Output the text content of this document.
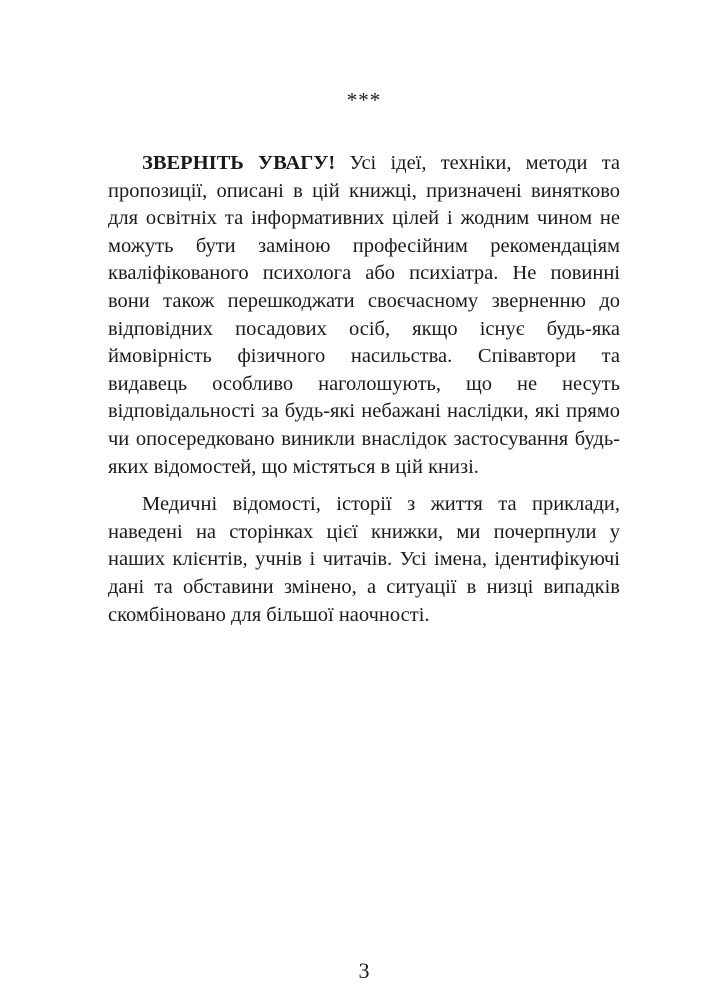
***

ЗВЕРНІТЬ УВАГУ! Усі ідеї, техніки, методи та пропозиції, описані в цій книжці, призначені винятково для освітніх та інформативних цілей і жодним чином не можуть бути заміною професійним рекомендаціям кваліфікованого психолога або психіатра. Не повинні вони також перешкоджати своєчасному зверненню до відповідних посадових осіб, якщо існує будь-яка ймовірність фізичного насильства. Співавтори та видавець особливо наголошують, що не несуть відповідальності за будь-які небажані наслідки, які прямо чи опосередковано виникли внаслідок застосування будь-яких відомостей, що містяться в цій книзі.

Медичні відомості, історії з життя та приклади, наведені на сторінках цієї книжки, ми почерпнули у наших клієнтів, учнів і читачів. Усі імена, ідентифікуючі дані та обставини змінено, а ситуації в низці випадків скомбіновано для більшої наочності.

3
